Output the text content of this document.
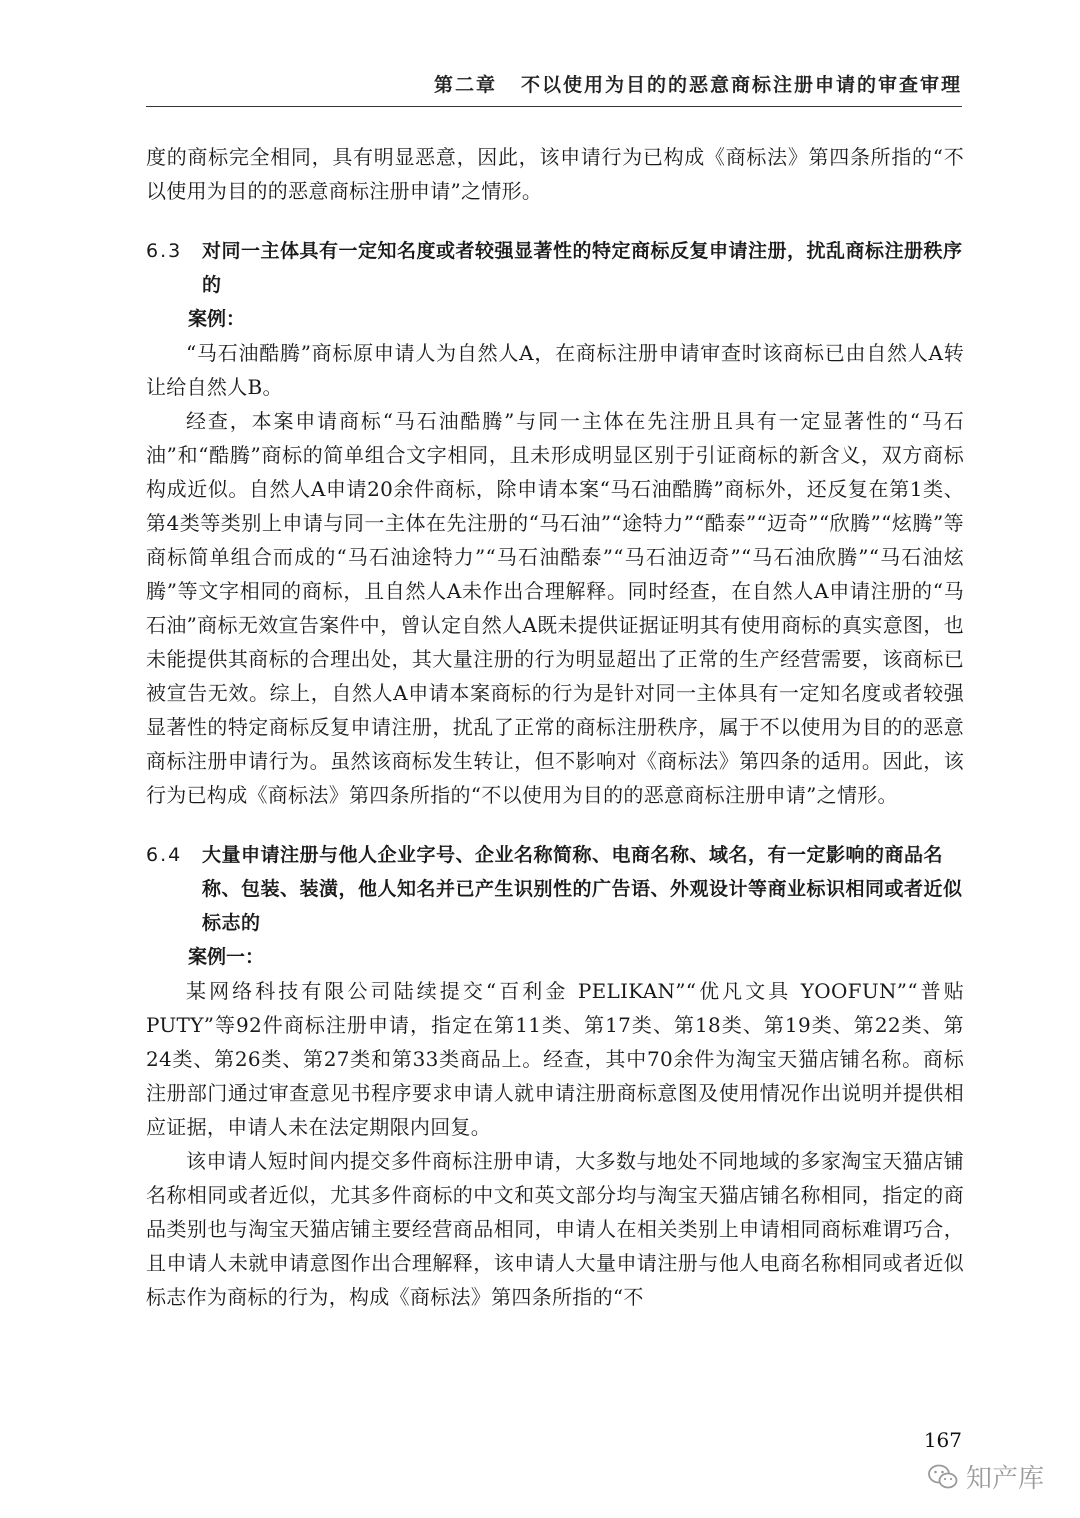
第二章 不以使用为目的的恶意商标注册申请的审查审理

度的商标完全相同，具有明显恶意，因此，该申请行为已构成《商标法》第四条所指的“不以使用为目的的恶意商标注册申请”之情形。

6.3 对同一主体具有一定知名度或者较强显著性的特定商标反复申请注册，扰乱商标注册秩序的
案例：

“马石油酷腾”商标原申请人为自然人A，在商标注册申请审查时该商标已由自然人A转让给自然人B。

经查，本案申请商标“马石油酷腾”与同一主体在先注册且具有一定显著性的“马石油”和“酷腾”商标的简单组合文字相同，且未形成明显区别于引证商标的新含义，双方商标构成近似。自然人A申请20余件商标，除申请本案“马石油酷腾”商标外，还反复在第1类、第4类等类别上申请与同一主体在先注册的“马石油”“途特力”“酷泰”“迈奇”“欣腾”“炫腾”等商标简单组合而成的“马石油途特力”“马石油酷泰”“马石油迈奇”“马石油欣腾”“马石油炫腾”等文字相同的商标，且自然人A未作出合理解释。同时经查，在自然人A申请注册的“马石油”商标无效宣告案件中，曾认定自然人A既未提供证据证明其有使用商标的真实意图，也未能提供其商标的合理出处，其大量注册的行为明显超出了正常的生产经营需要，该商标已被宣告无效。综上，自然人A申请本案商标的行为是针对同一主体具有一定知名度或者较强显著性的特定商标反复申请注册，扰乱了正常的商标注册秩序，属于不以使用为目的的恶意商标注册申请行为。虽然该商标发生转让，但不影响对《商标法》第四条的适用。因此，该行为已构成《商标法》第四条所指的“不以使用为目的的恶意商标注册申请”之情形。

6.4 大量申请注册与他人企业字号、企业名称简称、电商名称、域名，有一定影响的商品名称、包装、装潢，他人知名并已产生识别性的广告语、外观设计等商业标识相同或者近似标志的
案例一：

某网络科技有限公司陆续提交“百利金 PELIKAN”“优凡文具 YOOFUN”“普贴PUTY”等92件商标注册申请，指定在第11类、第17类、第18类、第19类、第22类、第24类、第26类、第27类和第33类商品上。经查，其中70余件为淘宝天猫店铺名称。商标注册部门通过审查意见书程序要求申请人就申请注册商标意图及使用情况作出说明并提供相应证据，申请人未在法定期限内回复。

该申请人短时间内提交多件商标注册申请，大多数与地处不同地域的多家淘宝天猫店铺名称相同或者近似，尤其多件商标的中文和英文部分均与淘宝天猫店铺名称相同，指定的商品类别也与淘宝天猫店铺主要经营商品相同，申请人在相关类别上申请相同商标难谓巧合，且申请人未就申请意图作出合理解释，该申请人大量申请注册与他人电商名称相同或者近似标志作为商标的行为，构成《商标法》第四条所指的“不

167
知产库
